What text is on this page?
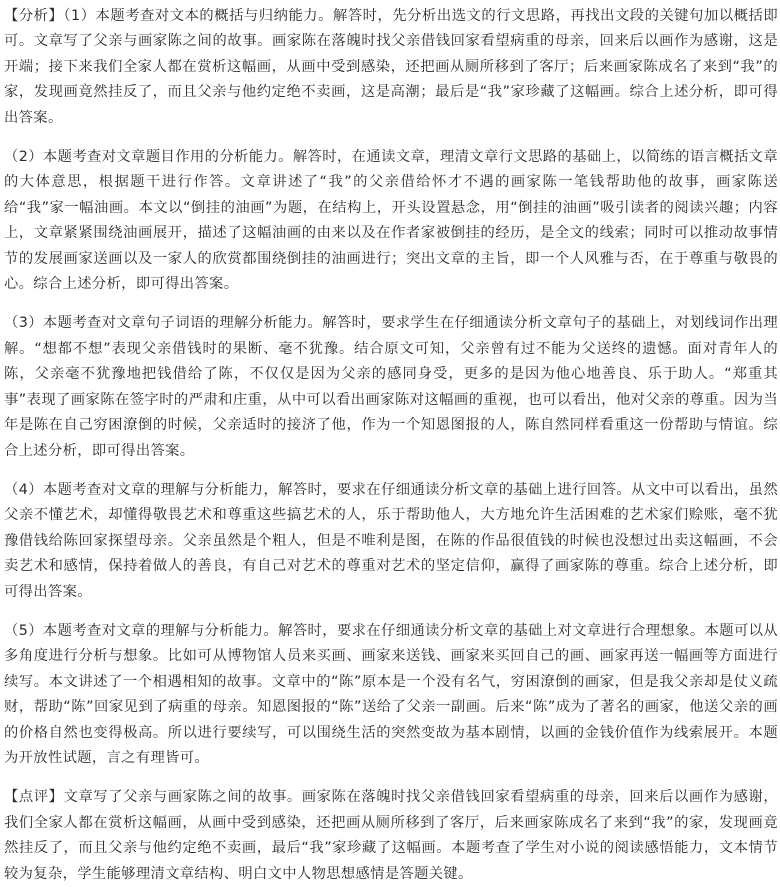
【分析】（1）本题考查对文本的概括与归纳能力。解答时，先分析出选文的行文思路，再找出文段的关键句加以概括即可。文章写了父亲与画家陈之间的故事。画家陈在落魄时找父亲借钱回家看望病重的母亲，回来后以画作为感谢，这是开端；接下来我们全家人都在赏析这幅画，从画中受到感染，还把画从厕所移到了客厅；后来画家陈成名了来到“我”的家，发现画竟然挂反了，而且父亲与他约定绝不卖画，这是高潮；最后是“我”家珍藏了这幅画。综合上述分析，即可得出答案。

（2）本题考查对文章题目作用的分析能力。解答时，在通读文章，理清文章行文思路的基础上，以简练的语言概括文章的大体意思，根据题干进行作答。文章讲述了“我”的父亲借给怀才不遇的画家陈一笔钱帮助他的故事，画家陈送给“我”家一幅油画。本文以“倒挂的油画”为题，在结构上，开头设置悬念，用“倒挂的油画”吸引读者的阅读兴趣；内容上，文章紧紧围绕油画展开，描述了这幅油画的由来以及在作者家被倒挂的经历，是全文的线索；同时可以推动故事情节的发展画家送画以及一家人的欣赏都围绕倒挂的油画进行；突出文章的主旨，即一个人风雅与否，在于尊重与敬畏的心。综合上述分析，即可得出答案。

（3）本题考查对文章句子词语的理解分析能力。解答时，要求学生在仔细通读分析文章句子的基础上，对划线词作出理解。“想都不想”表现父亲借钱时的果断、毫不犹豫。结合原文可知，父亲曾有过不能为父送终的遗憾。面对青年人的陈，父亲毫不犹豫地把钱借给了陈，不仅仅是因为父亲的感同身受，更多的是因为他心地善良、乐于助人。“郑重其事”表现了画家陈在签字时的严肃和庄重，从中可以看出画家陈对这幅画的重视，也可以看出，他对父亲的尊重。因为当年是陈在自己穷困潦倒的时候，父亲适时的接济了他，作为一个知恩图报的人，陈自然同样看重这一份帮助与情谊。综合上述分析，即可得出答案。

（4）本题考查对文章的理解与分析能力，解答时，要求在仔细通读分析文章的基础上进行回答。从文中可以看出，虽然父亲不懂艺术，却懂得敬畏艺术和尊重这些搞艺术的人，乐于帮助他人，大方地允许生活困难的艺术家们赊账，毫不犹豫借钱给陈回家探望母亲。父亲虽然是个粗人，但是不唯利是图，在陈的作品很值钱的时候也没想过出卖这幅画，不会卖艺术和感情，保持着做人的善良，有自己对艺术的尊重对艺术的坚定信仰，赢得了画家陈的尊重。综合上述分析，即可得出答案。

（5）本题考查对文章的理解与分析能力。解答时，要求在仔细通读分析文章的基础上对文章进行合理想象。本题可以从多角度进行分析与想象。比如可从博物馆人员来买画、画家来送钱、画家来买回自己的画、画家再送一幅画等方面进行续写。本文讲述了一个相遇相知的故事。文章中的“陈”原本是一个没有名气，穷困潦倒的画家，但是我父亲却是仗义疏财，帮助“陈”回家见到了病重的母亲。知恩图报的“陈”送给了父亲一副画。后来“陈”成为了著名的画家，他送父亲的画的价格自然也变得极高。所以进行要续写，可以围绕生活的突然变故为基本剧情，以画的金钱价值作为线索展开。本题为开放性试题，言之有理皆可。

【点评】文章写了父亲与画家陈之间的故事。画家陈在落魄时找父亲借钱回家看望病重的母亲，回来后以画作为感谢，我们全家人都在赏析这幅画，从画中受到感染，还把画从厕所移到了客厅，后来画家陈成名了来到“我”的家，发现画竟然挂反了，而且父亲与他约定绝不卖画，最后“我”家珍藏了这幅画。本题考查了学生对小说的阅读感悟能力，文本情节较为复杂，学生能够理清文章结构、明白文中人物思想感情是答题关键。
